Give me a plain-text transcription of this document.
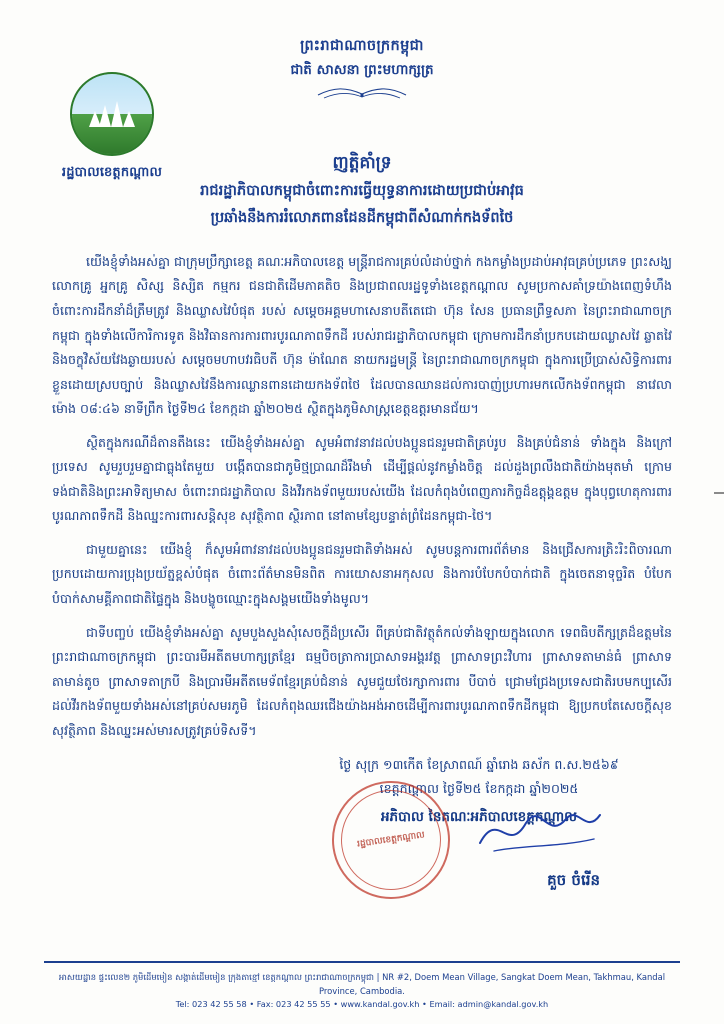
ព្រះរាជាណាចក្រកម្ពុជា
ជាតិ សាសនា ព្រះមហាក្សត្រ
រដ្ឋបាលខេត្តកណ្ដាល	ញត្តិគាំទ្រ
រាជរដ្ឋាភិបាលកម្ពុជាចំពោះការធ្វើយុទ្ធនាការដោយប្រជាប់អាវុធ
ប្រឆាំងនឹងការរំលោភពានដែនដីកម្ពុជាពីសំណាក់កងទ័ពថៃ

យើងខ្ញុំទាំងអស់គ្នា ជាក្រុមប្រឹក្សាខេត្ត គណៈអភិបាលខេត្ត មន្ត្រីរាជការគ្រប់លំដាប់ថ្នាក់ កងកម្លាំងប្រដាប់អាវុធគ្រប់ប្រភេទ ព្រះសង្ឃ លោកគ្រូ អ្នកគ្រូ សិស្ស និស្សិត កម្មករ ជនជាតិដើមភាគតិច និងប្រជាពលរដ្ឋទូទាំងខេត្តកណ្ដាល សូមប្រកាសគាំទ្រយ៉ាងពេញទំហឹង ចំពោះការដឹកនាំដ៏ត្រឹមត្រូវ និងឈ្លាសវៃបំផុត របស់ សម្ដេចអគ្គមហាសេនាបតីតេជោ ហ៊ុន សែន ប្រធានព្រឹទ្ធសភា នៃព្រះរាជាណាចក្រកម្ពុជា ក្នុងទាំងលើការិការទូត និងវិធានការការពារបូរណភាពទឹកដី របស់រាជរដ្ឋាភិបាលកម្ពុជា ក្រោមការដឹកនាំប្រកបដោយឈ្លាសវៃ ឆ្លាតវៃ និងចក្ខុវិស័យវែងឆ្ងាយរបស់ សម្ដេចមហាបវរធិបតី ហ៊ុន ម៉ាណែត នាយករដ្ឋមន្ត្រី នៃព្រះរាជាណាចក្រកម្ពុជា ក្នុងការប្រើប្រាស់សិទ្ធិការពារខ្លួនដោយស្របច្បាប់ និងឈ្លាសវៃនឹងការឈ្លានពានដោយកងទ័ពថៃ ដែលបានឈានដល់ការបាញ់ប្រហារមកលើកងទ័ពកម្ពុជា នាវេលាម៉ោង ០៨:៤៦ នាទីព្រឹក ថ្ងៃទី២៤ ខែកក្កដា ឆ្នាំ២០២៥ ស្ថិតក្នុងភូមិសាស្ត្រខេត្តឧត្តរមានជ័យ។

ស្ថិតក្នុងករណីដ៏តានតឹងនេះ យើងខ្ញុំទាំងអស់គ្នា សូមអំពាវនាវដល់បងប្អូនជនរួមជាតិគ្រប់រូប និងគ្រប់ជំនាន់ ទាំងក្នុង និងក្រៅប្រទេស សូមរួបរួមគ្នាជាធ្លុងតែមួយ បង្កើតបានជាភូមិថ្មប្រាណដ៏រឹងមាំ ដើម្បីផ្ដល់នូវកម្លាំងចិត្ត ដល់ដួងព្រលឹងជាតិយ៉ាងមុតមាំ ក្រោមទង់ជាតិនិងព្រះអាទិត្យមាស ចំពោះរាជរដ្ឋាភិបាល និងវីរកងទ័ពមួយរបស់យើង ដែលកំពុងបំពេញភារកិច្ចដ៏ឧត្ដុង្គឧត្តម ក្នុងបុព្វហេតុការពារបូរណភាពទឹកដី និងឈ្នះការពារសន្តិសុខ សុវត្ថិភាព ស្ថិរភាព នៅតាមខ្សែបន្ទាត់ព្រំដែនកម្ពុជា-ថៃ។

ជាមួយគ្នានេះ យើងខ្ញុំ ក៏សូមអំពាវនាវដល់បងប្អូនជនរួមជាតិទាំងអស់ សូមបន្តការពារព័ត៌មាន និងជ្រើសការត្រិះរិះពិចារណាប្រកបដោយការប្រុងប្រយ័ត្នខ្ពស់បំផុត ចំពោះព័ត៌មានមិនពិត ការយោសនាអកុសល និងការបំបែកបំបាក់ជាតិ ក្នុងចេតនាទុច្ចរិត បំបែកបំបាក់សាមគ្គីភាពជាតិផ្ទៃក្នុង និងបង្ខូចឈ្មោះក្នុងសង្គមយើងទាំងមូល។

ជាទីបញ្ចប់ យើងខ្ញុំទាំងអស់គ្នា សូមបួងសួងសុំសេចក្ដីដ៏ប្រសើរ ពីគ្រប់ជាតិវត្ថុតំកល់ទាំងឡាយក្នុងលោក ទេពធិបតីក្សត្រដ៏ឧត្ដមនៃព្រះរាជាណាចក្រកម្ពុជា ព្រះបារមីអតីតមហាក្សត្រខ្មែរ ធម្មបិចត្រាការប្រាសាទអង្គរវត្ត ព្រាសាទព្រះវិហារ ព្រាសាទតាមាន់ធំ ព្រាសាទតាមាន់តូច ព្រាសាទតាក្របី និងប្រារមីអតីតមេទ័ពខ្មែរគ្រប់ជំនាន់ សូមជួយថែរក្សាការពារ បីបាច់ ជ្រោមជ្រែងប្រទេសជាតិរបមកប្បសើរ ដល់វីរកងទ័ពមួយទាំងអស់នៅគ្រប់សមរភូមិ ដែលកំពុងឈរជើងយ៉ាងអង់អាចដើម្បីការពារបូរណភាពទឹកដីកម្ពុជា ឱ្យប្រកបតែសេចក្ដីសុខ សុវត្ថិភាព និងឈ្នះអស់មារសត្រូវគ្រប់ទិសទី។

ថ្ងៃ សុក្រ ១៣កើត ខែស្រាពណ៍ ឆ្នាំរោង ឆស័ក ព.ស.២៥៦៩
ខេត្តកណ្ដាល ថ្ងៃទី២៥ ខែកក្កដា ឆ្នាំ២០២៥
អភិបាល នៃគណៈអភិបាលខេត្តកណ្ដាល
រដ្ឋបាលខេត្តកណ្ដាល
គួច ចំរើន
អាសយដ្ឋាន ផ្ទះលេខ២ ភូមិដើមមៀន សង្កាត់ដើមមៀន ក្រុងតាខ្មៅ ខេត្តកណ្ដាល ព្រះរាជាណាចក្រកម្ពុជា | NR #2, Doem Mean Village, Sangkat Doem Mean, Takhmau, Kandal Province, Cambodia.
Tel: 023 42 55 58 • Fax: 023 42 55 55 • www.kandal.gov.kh • Email: admin@kandal.gov.kh
